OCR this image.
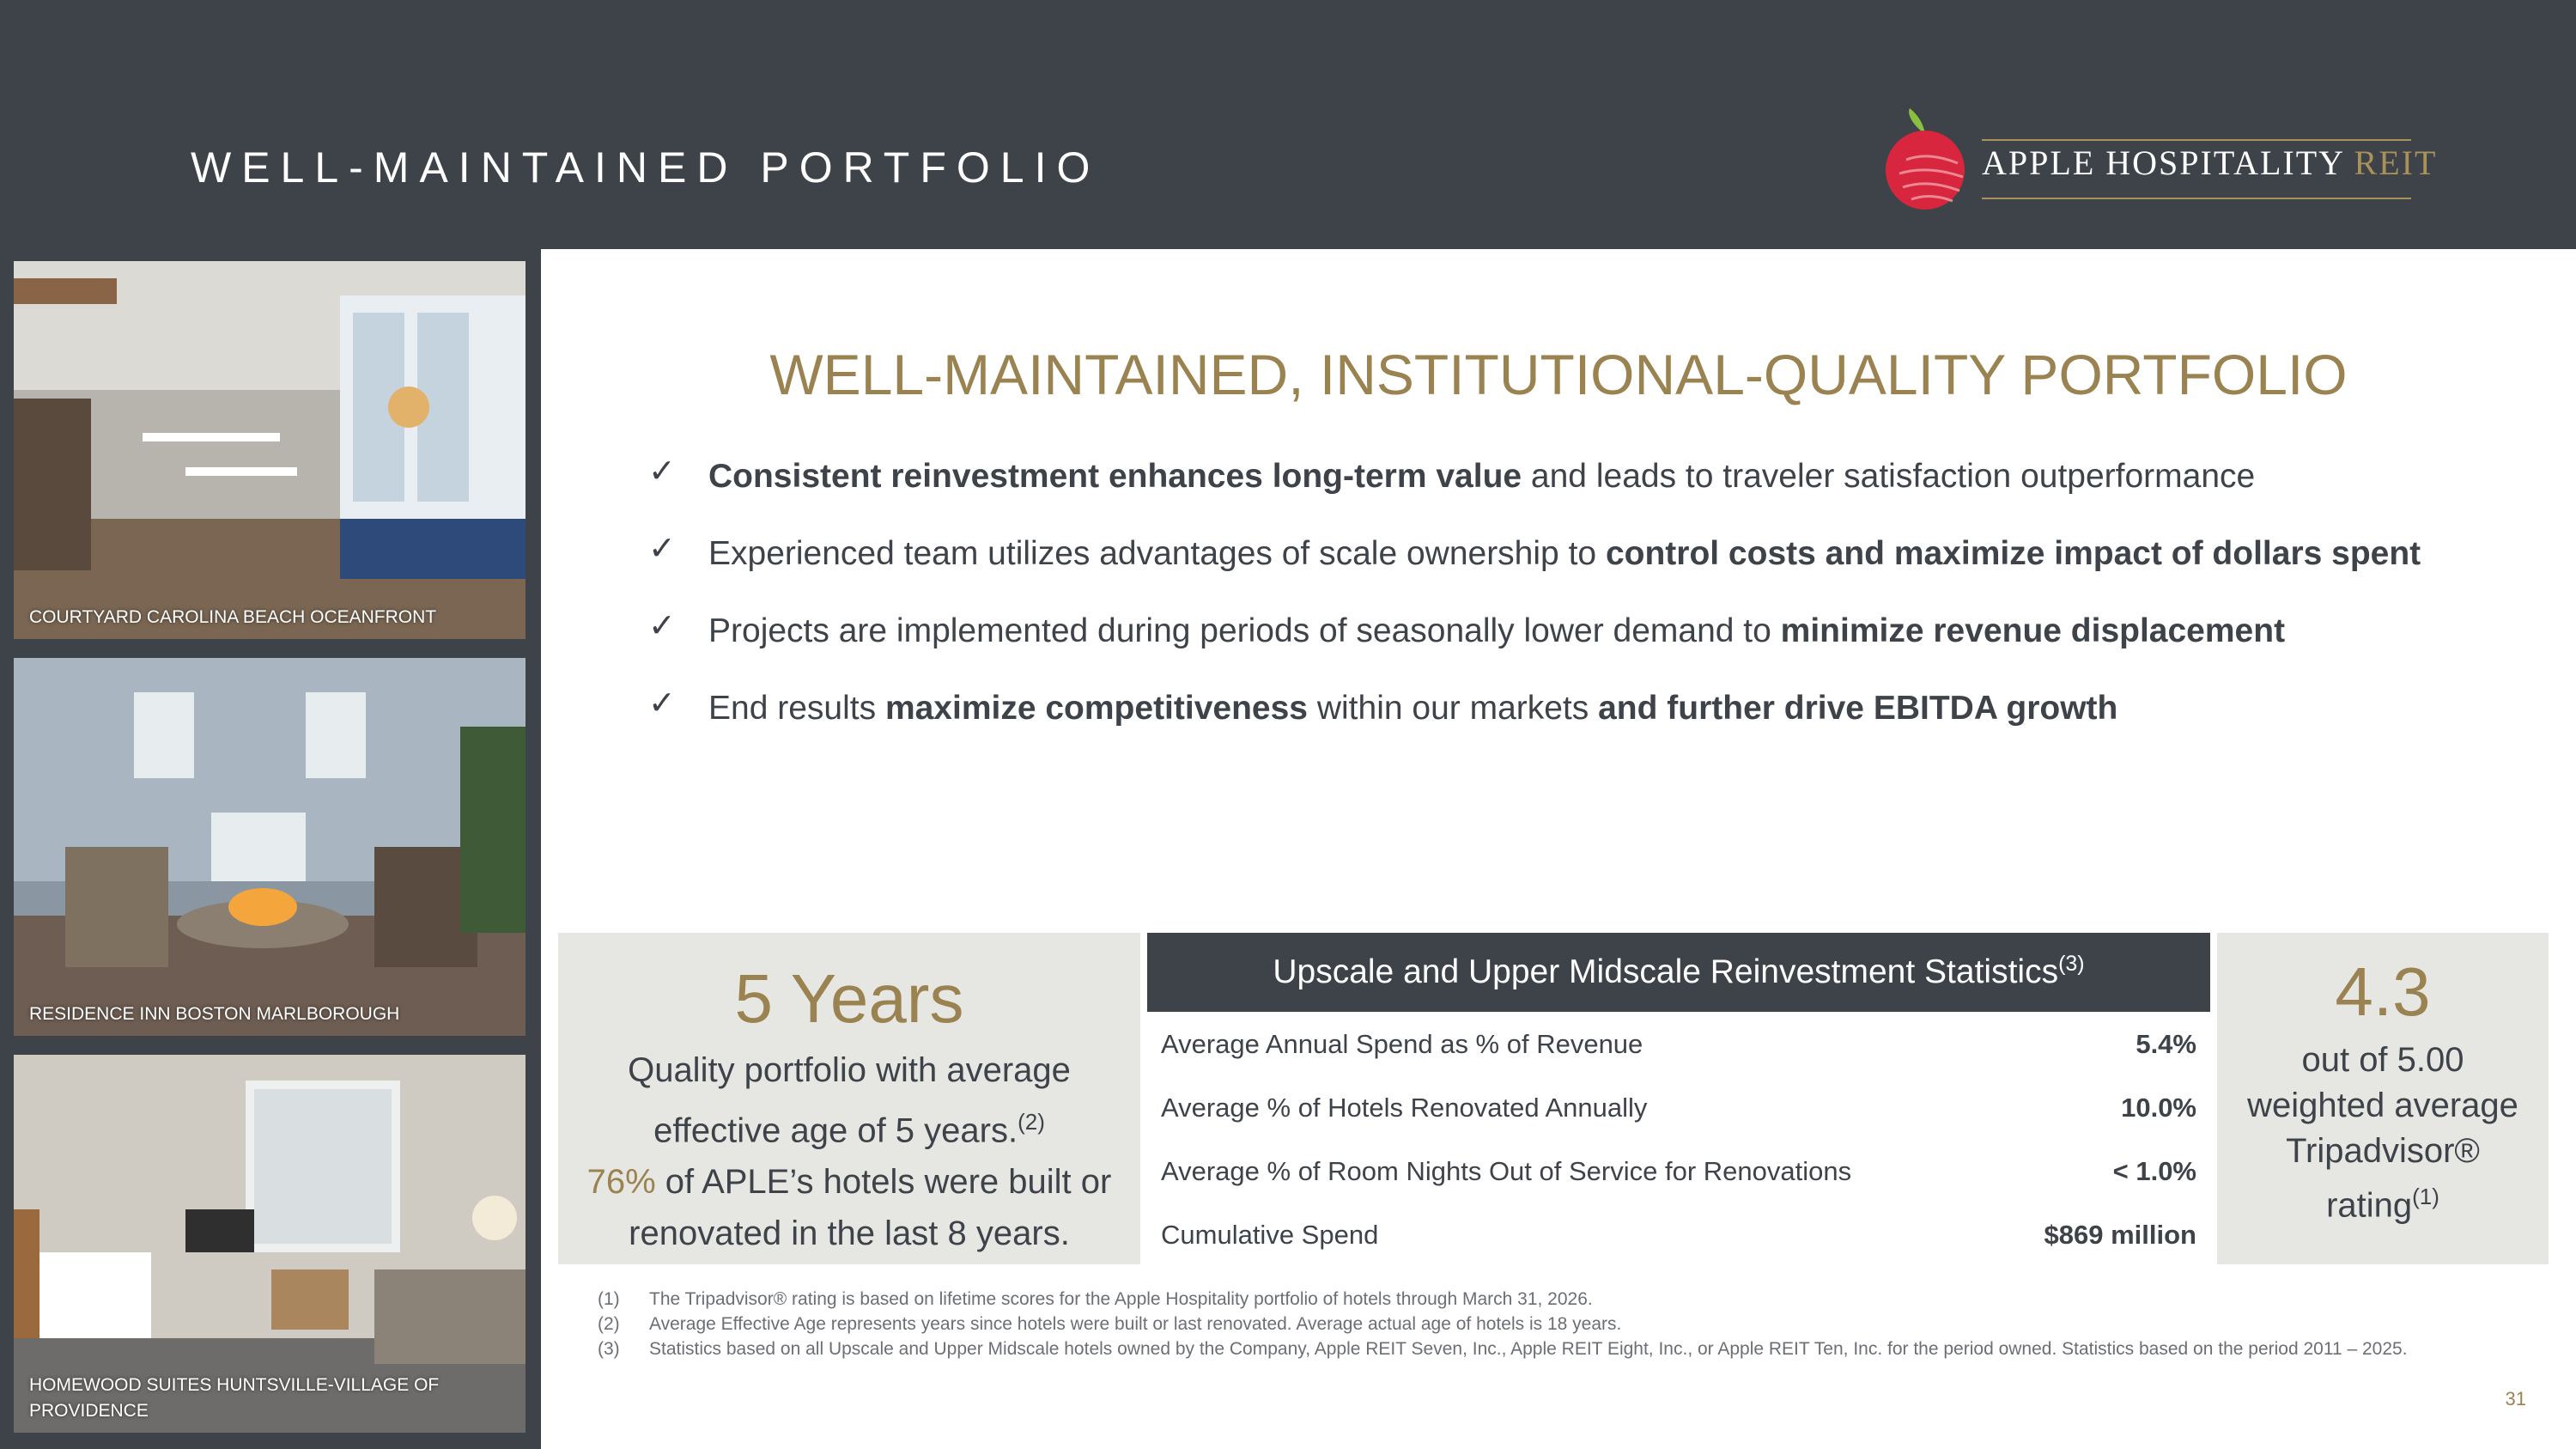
WELL-MAINTAINED PORTFOLIO	APPLE HOSPITALITY REIT
COURTYARD CAROLINA BEACH OCEANFRONT
RESIDENCE INN BOSTON MARLBOROUGH
HOMEWOOD SUITES HUNTSVILLE-VILLAGE OF PROVIDENCE
WELL-MAINTAINED, INSTITUTIONAL-QUALITY PORTFOLIO
✓ Consistent reinvestment enhances long-term value and leads to traveler satisfaction outperformance
✓ Experienced team utilizes advantages of scale ownership to control costs and maximize impact of dollars spent
✓ Projects are implemented during periods of seasonally lower demand to minimize revenue displacement
✓ End results maximize competitiveness within our markets and further drive EBITDA growth
5 Years
Quality portfolio with average
effective age of 5 years.$^{(2)}$
76% of APLE’s hotels were built or
renovated in the last 8 years.
Upscale and Upper Midscale Reinvestment Statistics$^{(3)}$
Average Annual Spend as % of Revenue	5.4%
Average % of Hotels Renovated Annually	10.0%
Average % of Room Nights Out of Service for Renovations	< 1.0%
Cumulative Spend	$869 million
4.3
out of 5.00
weighted average
Tripadvisor®
rating$^{(1)}$
(1) The Tripadvisor® rating is based on lifetime scores for the Apple Hospitality portfolio of hotels through March 31, 2026.
(2) Average Effective Age represents years since hotels were built or last renovated. Average actual age of hotels is 18 years.
(3) Statistics based on all Upscale and Upper Midscale hotels owned by the Company, Apple REIT Seven, Inc., Apple REIT Eight, Inc., or Apple REIT Ten, Inc. for the period owned. Statistics based on the period 2011 – 2025.
31
